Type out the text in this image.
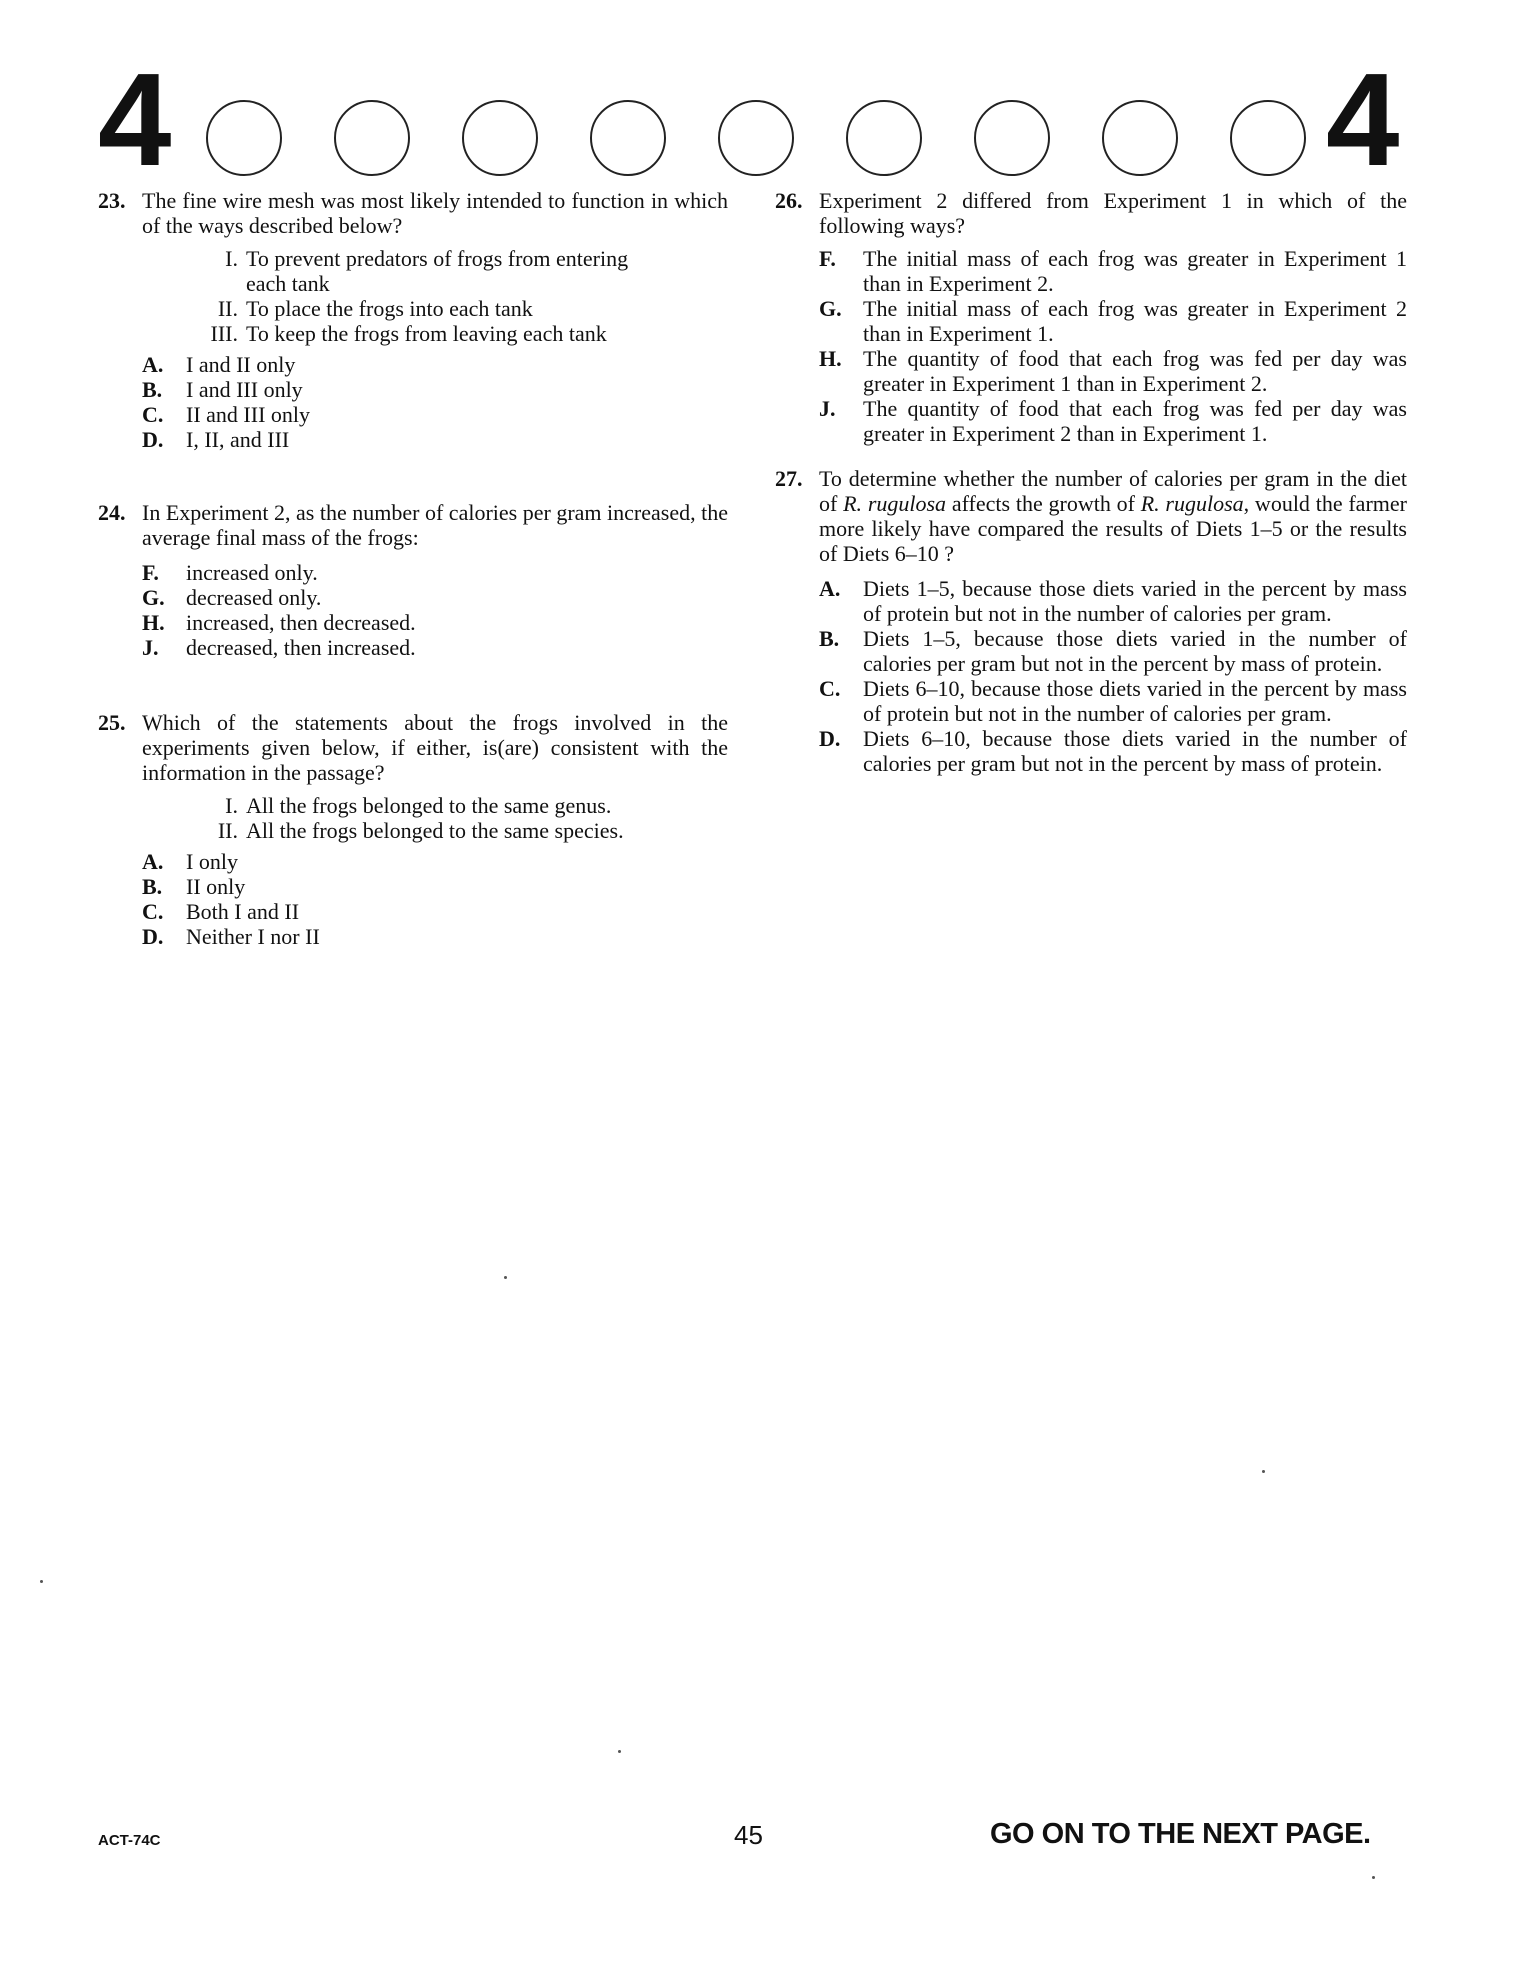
4	4
23. The fine wire mesh was most likely intended to function in which of the ways described below?
I. To prevent predators of frogs from entering each tank
II. To place the frogs into each tank
III. To keep the frogs from leaving each tank
A.	I and II only
B.	I and III only
C.	II and III only
D.	I, II, and III
24. In Experiment 2, as the number of calories per gram increased, the average final mass of the frogs:
F.	increased only.
G. decreased only.
H. increased, then decreased.
J.	decreased, then increased.
25. Which of the statements about the frogs involved in the experiments given below, if either, is(are) consistent with the information in the passage?
I. All the frogs belonged to the same genus.
II. All the frogs belonged to the same species.
A.	I only
B.	II only
C.	Both I and II
D.	Neither I nor II
26. Experiment 2 differed from Experiment 1 in which of the following ways?
F.	The initial mass of each frog was greater in Experiment 1 than in Experiment 2.
G. The initial mass of each frog was greater in Experiment 2 than in Experiment 1.
H. The quantity of food that each frog was fed per day was greater in Experiment 1 than in Experiment 2.
J.	The quantity of food that each frog was fed per day was greater in Experiment 2 than in Experiment 1.
27. To determine whether the number of calories per gram in the diet of R. rugulosa affects the growth of R. rugulosa, would the farmer more likely have compared the results of Diets 1–5 or the results of Diets 6–10 ?
A.	Diets 1–5, because those diets varied in the percent by mass of protein but not in the number of calories per gram.
B.	Diets 1–5, because those diets varied in the number of calories per gram but not in the percent by mass of protein.
C.	Diets 6–10, because those diets varied in the percent by mass of protein but not in the number of calories per gram.
D.	Diets 6–10, because those diets varied in the number of calories per gram but not in the percent by mass of protein.
ACT-74C	45	GO ON TO THE NEXT PAGE.
